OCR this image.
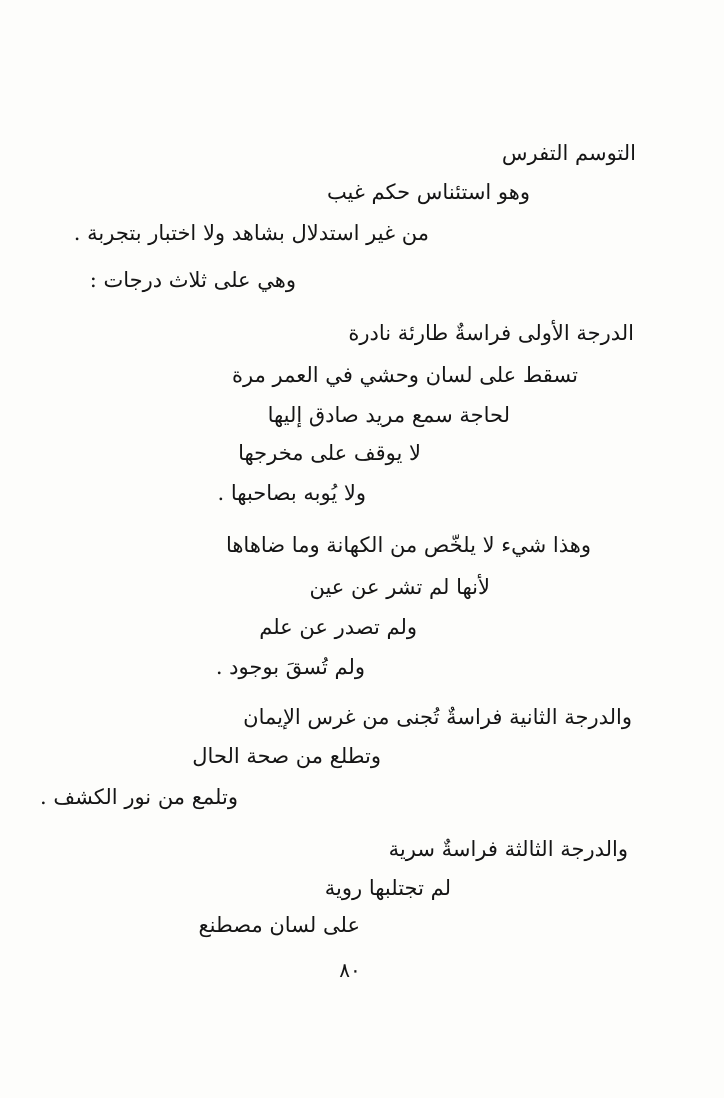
التوسم التفرس
وهو استئناس حكم غيب
من غير استدلال بشاهد ولا اختبار بتجربة .
وهي على ثلاث درجات :
الدرجة الأولى فراسةٌ طارئة نادرة
تسقط على لسان وحشي في العمر مرة
لحاجة سمع مريد صادق إليها
لا يوقف على مخرجها
ولا يُوبه بصاحبها .
وهذا شيء لا يلخّص من الكهانة وما ضاهاها
لأنها لم تشر عن عين
ولم تصدر عن علم
ولم تُسقَ بوجود .
والدرجة الثانية فراسةٌ تُجنى من غرس الإيمان
وتطلع من صحة الحال
وتلمع من نور الكشف .
والدرجة الثالثة فراسةٌ سرية
لم تجتلبها روية
على لسان مصطنع
٨٠
